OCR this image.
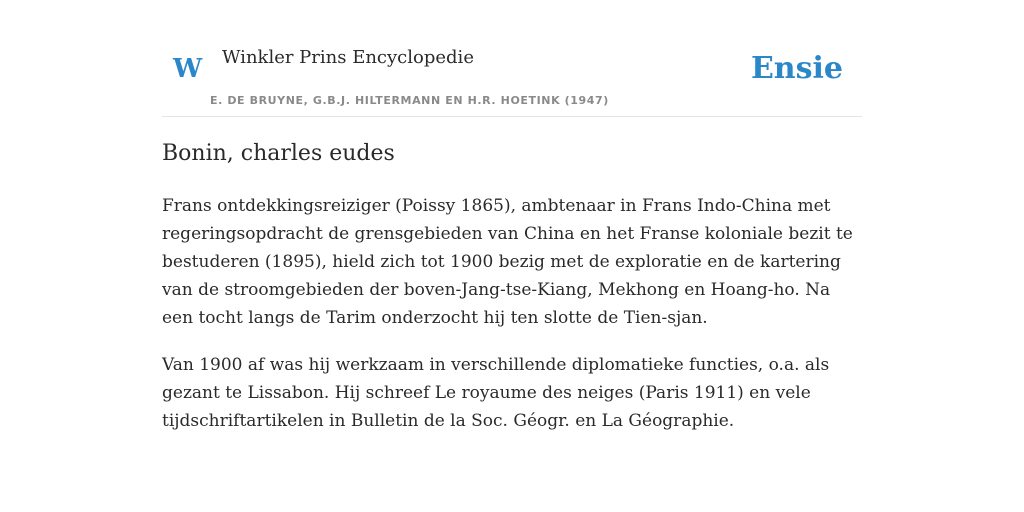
W Winkler Prins Encyclopedie
E. DE BRUYNE, G.B.J. HILTERMANN EN H.R. HOETINK (1947)
Ensie
Bonin, charles eudes

Frans ontdekkingsreiziger (Poissy 1865), ambtenaar in Frans Indo-China met regeringsopdracht de grensgebieden van China en het Franse koloniale bezit te bestuderen (1895), hield zich tot 1900 bezig met de exploratie en de kartering van de stroomgebieden der boven-Jang-tse-Kiang, Mekhong en Hoang-ho. Na een tocht langs de Tarim onderzocht hij ten slotte de Tien-sjan.

Van 1900 af was hij werkzaam in verschillende diplomatieke functies, o.a. als gezant te Lissabon. Hij schreef Le royaume des neiges (Paris 1911) en vele tijdschriftartikelen in Bulletin de la Soc. Géogr. en La Géographie.
